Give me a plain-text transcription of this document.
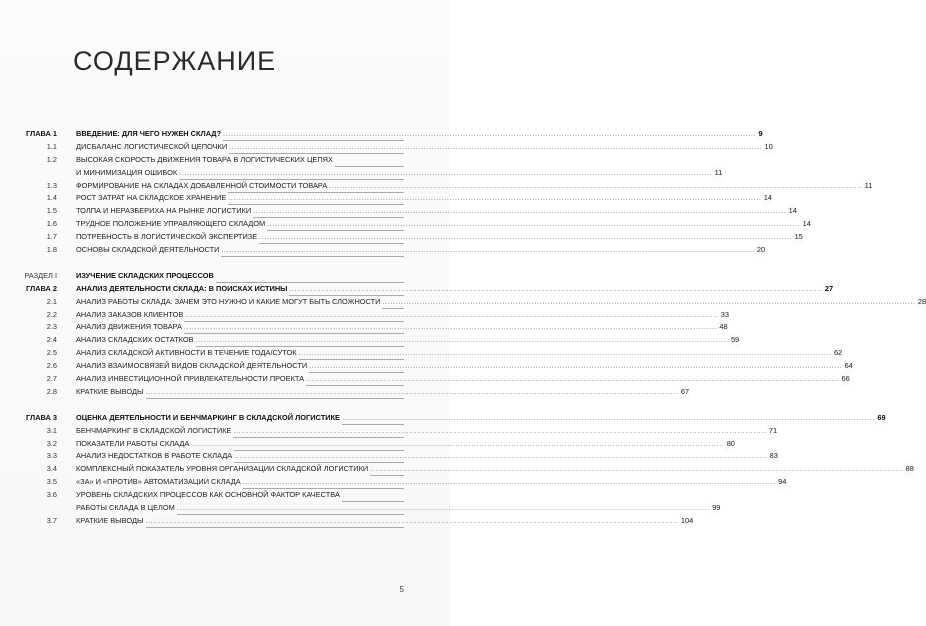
СОДЕРЖАНИЕ
ГЛАВА 1	ВВЕДЕНИЕ: ДЛЯ ЧЕГО НУЖЕН СКЛАД? ........................................................................................................................................................................................................ 9
1.1	ДИСБАЛАНС ЛОГИСТИЧЕСКОЙ ЦЕПОЧКИ ........................................................................................................................................................................................................ 10
1.2	ВЫСОКАЯ СКОРОСТЬ ДВИЖЕНИЯ ТОВАРА В ЛОГИСТИЧЕСКИХ ЦЕПЯХ
И МИНИМИЗАЦИЯ ОШИБОК ........................................................................................................................................................................................................ 11
1.3	ФОРМИРОВАНИЕ НА СКЛАДАХ ДОБАВЛЕННОЙ СТОИМОСТИ ТОВАРА ........................................................................................................................................................................................................ 11
1.4	РОСТ ЗАТРАТ НА СКЛАДСКОЕ ХРАНЕНИЕ ........................................................................................................................................................................................................ 14
1.5	ТОЛПА И НЕРАЗБЕРИХА НА РЫНКЕ ЛОГИСТИКИ ........................................................................................................................................................................................................ 14
1.6	ТРУДНОЕ ПОЛОЖЕНИЕ УПРАВЛЯЮЩЕГО СКЛАДОМ ........................................................................................................................................................................................................ 14
1.7	ПОТРЕБНОСТЬ В ЛОГИСТИЧЕСКОЙ ЭКСПЕРТИЗЕ ........................................................................................................................................................................................................ 15
1.8	ОСНОВЫ СКЛАДСКОЙ ДЕЯТЕЛЬНОСТИ ........................................................................................................................................................................................................ 20
РАЗДЕЛ I	ИЗУЧЕНИЕ СКЛАДСКИХ ПРОЦЕССОВ
ГЛАВА 2	АНАЛИЗ ДЕЯТЕЛЬНОСТИ СКЛАДА: В ПОИСКАХ ИСТИНЫ ........................................................................................................................................................................................................ 27
2.1	АНАЛИЗ РАБОТЫ СКЛАДА: ЗАЧЕМ ЭТО НУЖНО И КАКИЕ МОГУТ БЫТЬ СЛОЖНОСТИ ........................................................................................................................................................................................................ 28
2.2	АНАЛИЗ ЗАКАЗОВ КЛИЕНТОВ ........................................................................................................................................................................................................ 33
2.3	АНАЛИЗ ДВИЖЕНИЯ ТОВАРА ........................................................................................................................................................................................................ 48
2.4	АНАЛИЗ СКЛАДСКИХ ОСТАТКОВ ........................................................................................................................................................................................................ 59
2.5	АНАЛИЗ СКЛАДСКОЙ АКТИВНОСТИ В ТЕЧЕНИЕ ГОДА/СУТОК ........................................................................................................................................................................................................ 62
2.6	АНАЛИЗ ВЗАИМОСВЯЗЕЙ ВИДОВ СКЛАДСКОЙ ДЕЯТЕЛЬНОСТИ ........................................................................................................................................................................................................ 64
2.7	АНАЛИЗ ИНВЕСТИЦИОННОЙ ПРИВЛЕКАТЕЛЬНОСТИ ПРОЕКТА ........................................................................................................................................................................................................ 66
2.8	КРАТКИЕ ВЫВОДЫ ........................................................................................................................................................................................................ 67
ГЛАВА 3	ОЦЕНКА ДЕЯТЕЛЬНОСТИ И БЕНЧМАРКИНГ В СКЛАДСКОЙ ЛОГИСТИКЕ ........................................................................................................................................................................................................ 69
3.1	БЕНЧМАРКИНГ В СКЛАДСКОЙ ЛОГИСТИКЕ ........................................................................................................................................................................................................ 71
3.2	ПОКАЗАТЕЛИ РАБОТЫ СКЛАДА ........................................................................................................................................................................................................ 80
3.3	АНАЛИЗ НЕДОСТАТКОВ В РАБОТЕ СКЛАДА ........................................................................................................................................................................................................ 83
3.4	КОМПЛЕКСНЫЙ ПОКАЗАТЕЛЬ УРОВНЯ ОРГАНИЗАЦИИ СКЛАДСКОЙ ЛОГИСТИКИ ........................................................................................................................................................................................................ 88
3.5	«ЗА» И «ПРОТИВ» АВТОМАТИЗАЦИИ СКЛАДА ........................................................................................................................................................................................................ 94
3.6	УРОВЕНЬ СКЛАДСКИХ ПРОЦЕССОВ КАК ОСНОВНОЙ ФАКТОР КАЧЕСТВА
РАБОТЫ СКЛАДА В ЦЕЛОМ ........................................................................................................................................................................................................ 99
3.7	КРАТКИЕ ВЫВОДЫ ........................................................................................................................................................................................................ 104
5
